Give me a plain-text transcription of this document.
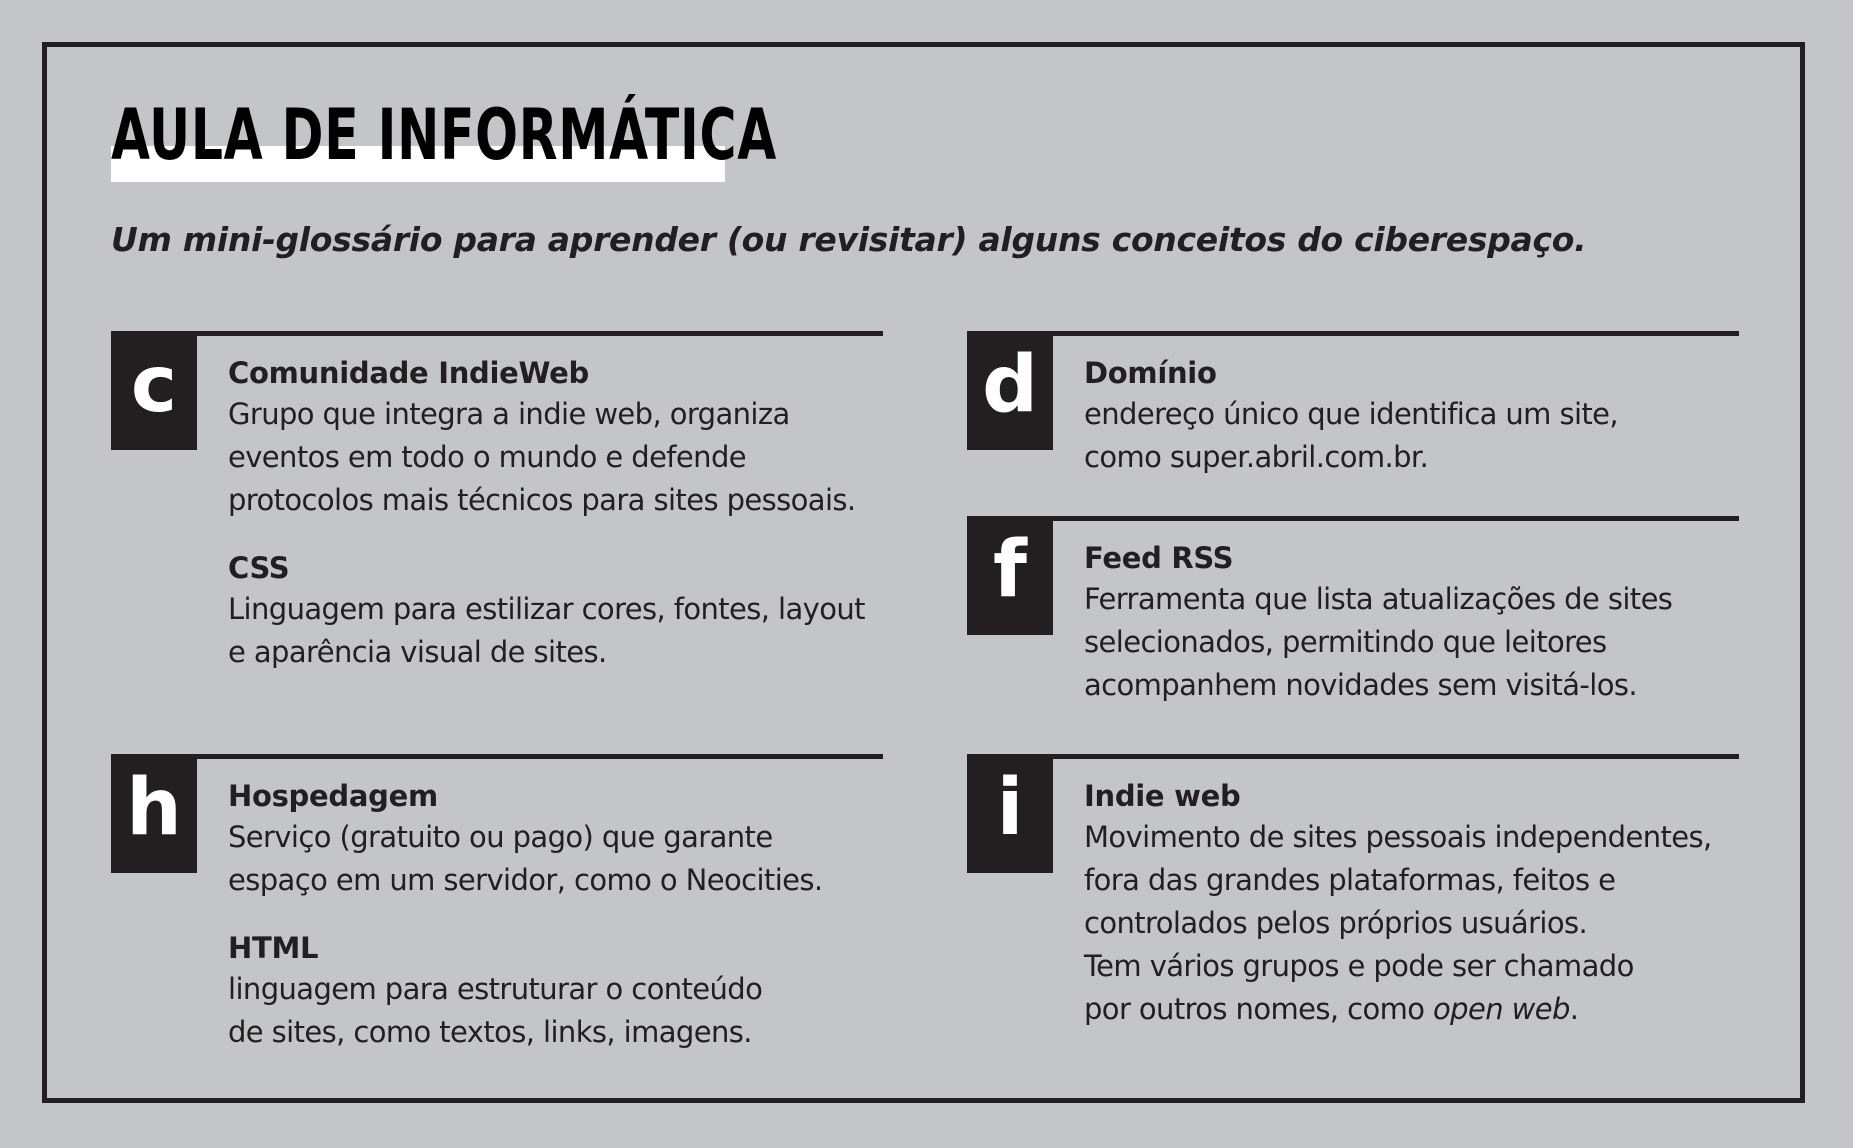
AULA DE INFORMÁTICA

Um mini-glossário para aprender (ou revisitar) alguns conceitos do ciberespaço.

c	Comunidade IndieWeb
Grupo que integra a indie web, organiza
eventos em todo o mundo e defende
protocolos mais técnicos para sites pessoais.
CSS
Linguagem para estilizar cores, fontes, layout
e aparência visual de sites.
d	Domínio
endereço único que identifica um site,
como super.abril.com.br.
f	Feed RSS
Ferramenta que lista atualizações de sites
selecionados, permitindo que leitores
acompanhem novidades sem visitá-los.
h	Hospedagem
Serviço (gratuito ou pago) que garante
espaço em um servidor, como o Neocities.
HTML
linguagem para estruturar o conteúdo
de sites, como textos, links, imagens.
i	Indie web
Movimento de sites pessoais independentes,
fora das grandes plataformas, feitos e
controlados pelos próprios usuários.
Tem vários grupos e pode ser chamado
por outros nomes, como open web.
